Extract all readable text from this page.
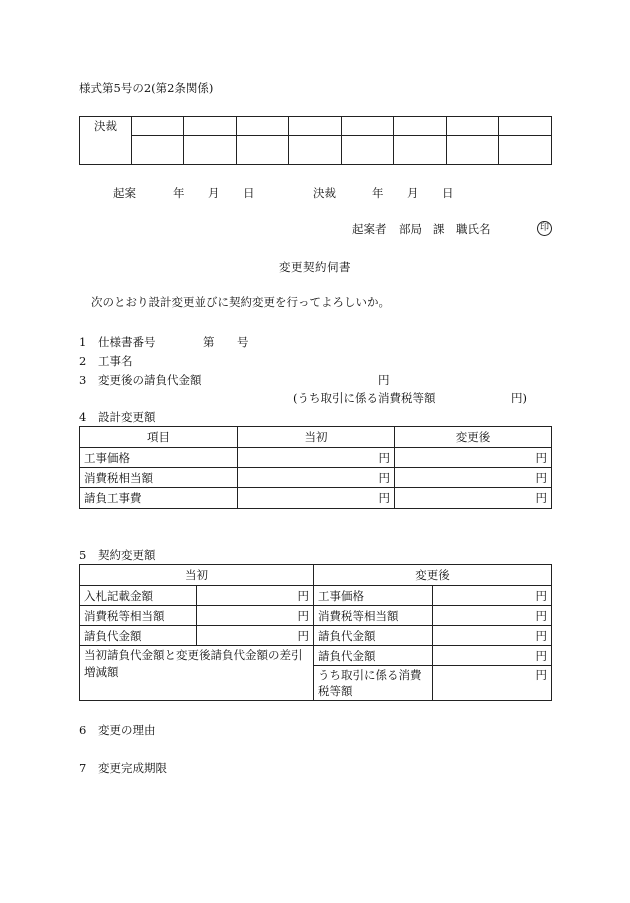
様式第5号の2(第2条関係)
決裁								

起案	年 月 日	決裁	年 月 日
起案者 部局 課 職氏名	印
変更契約伺書
次のとおり設計変更並びに契約変更を行ってよろしいか。
1 仕様書番号	第 号
2 工事名
3 変更後の請負代金額	円
(うち取引に係る消費税等額	円)
4 設計変更額
項目	当初	変更後
工事価格	円	円
消費税相当額	円	円
請負工事費	円	円
5 契約変更額
当初		変更後	
入札記載金額	円	工事価格	円
消費税等相当額	円	消費税等相当額	円
請負代金額	円	請負代金額	円

当初請負代金額と変更後請負代金額の差引
増減額		請負代金額	円

		うち取引に係る消費
税等額	円
6 変更の理由
7 変更完成期限
